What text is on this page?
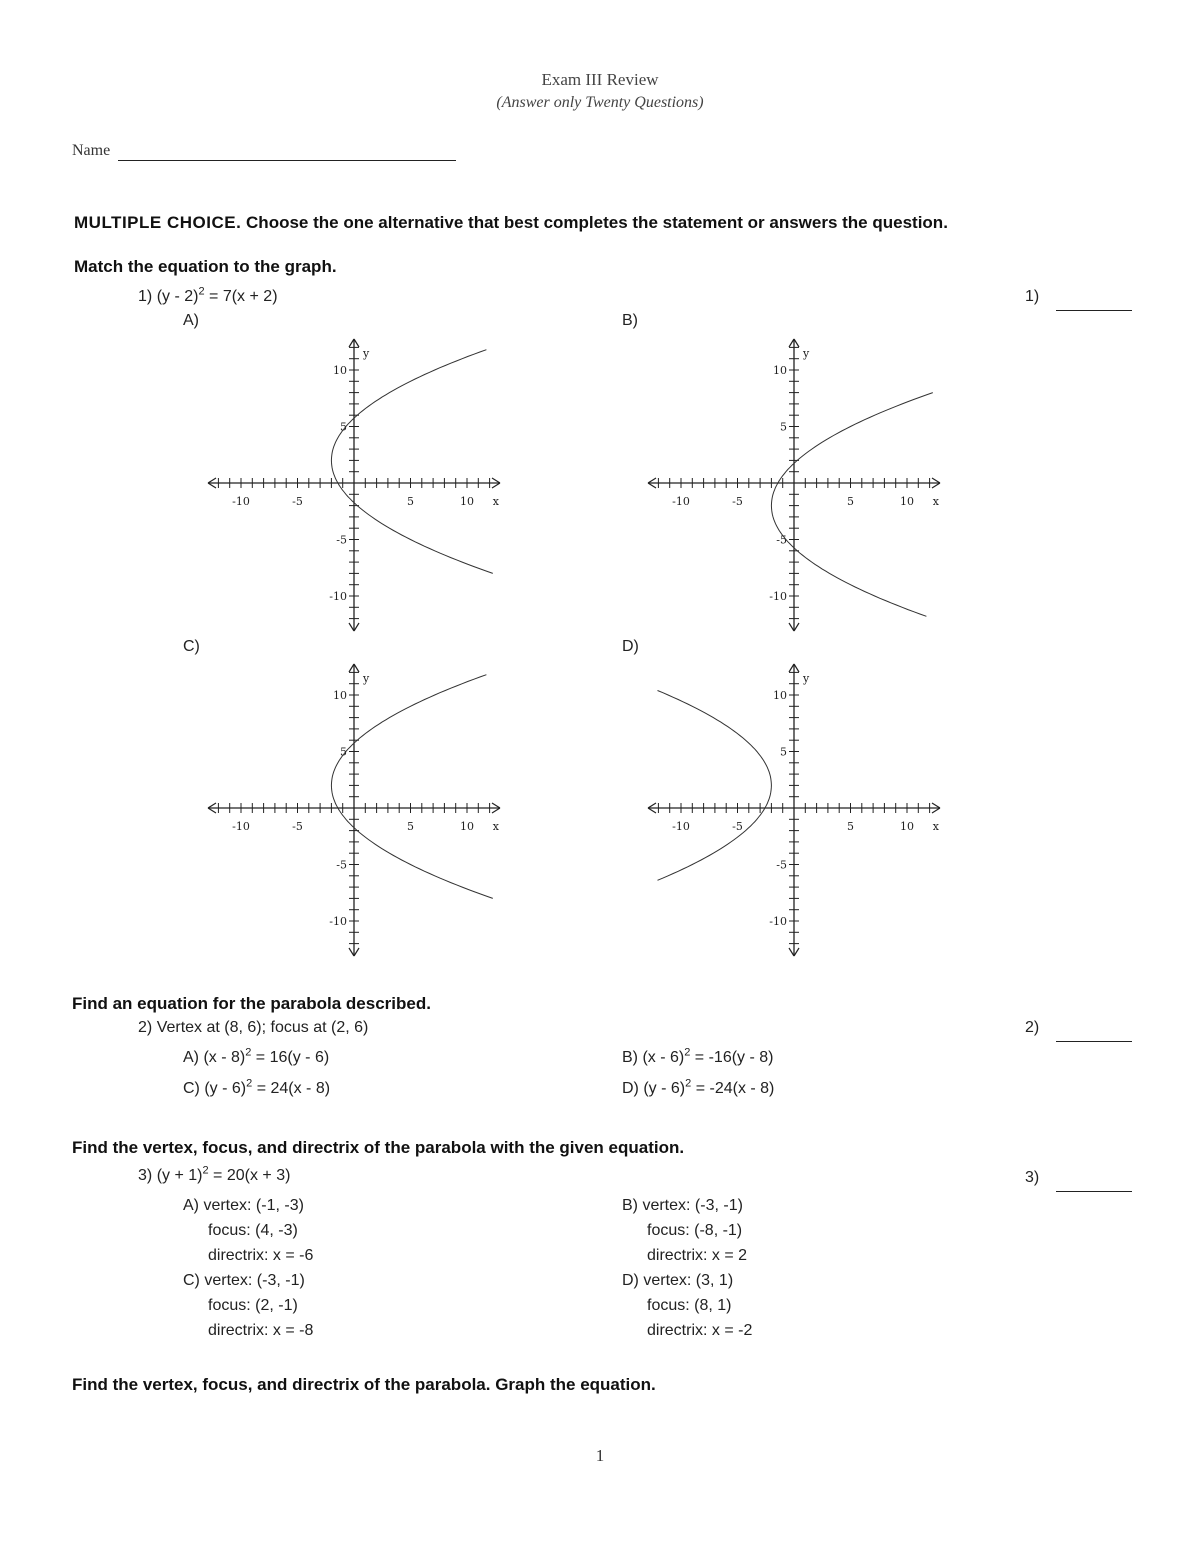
Exam III Review
(Answer only Twenty Questions)
Name
MULTIPLE CHOICE. Choose the one alternative that best completes the statement or answers the question.
Match the equation to the graph.
1) (y - 2)$^2$ = 7(x + 2)	1)
A)	B)
C)	D)
-10	-5	5	10
10
5
-5
-10
x
y
-10	-5	5	10
10
5
-5
-10
x
y
-10	-5	5	10
10
5
-5
-10
x
y
-10	-5	5	10
10
5
-5
-10
x
y
Find an equation for the parabola described.
2) Vertex at (8, 6); focus at (2, 6)	2)
A) (x - 8)$^2$ = 16(y - 6)	B) (x - 6)$^2$ = -16(y - 8)
C) (y - 6)$^2$ = 24(x - 8)	D) (y - 6)$^2$ = -24(x - 8)
Find the vertex, focus, and directrix of the parabola with the given equation.
3) $(y + 1)^2 = 20(x + 3)$	3)
A) vertex: (-1, -3)
focus: (4, -3)
directrix: x = -6
B) vertex: (-3, -1)
focus: (-8, -1)
directrix: x = 2
C) vertex: (-3, -1)
focus: (2, -1)
directrix: x = -8
D) vertex: (3, 1)
focus: (8, 1)
directrix: x = -2
Find the vertex, focus, and directrix of the parabola. Graph the equation.
1
